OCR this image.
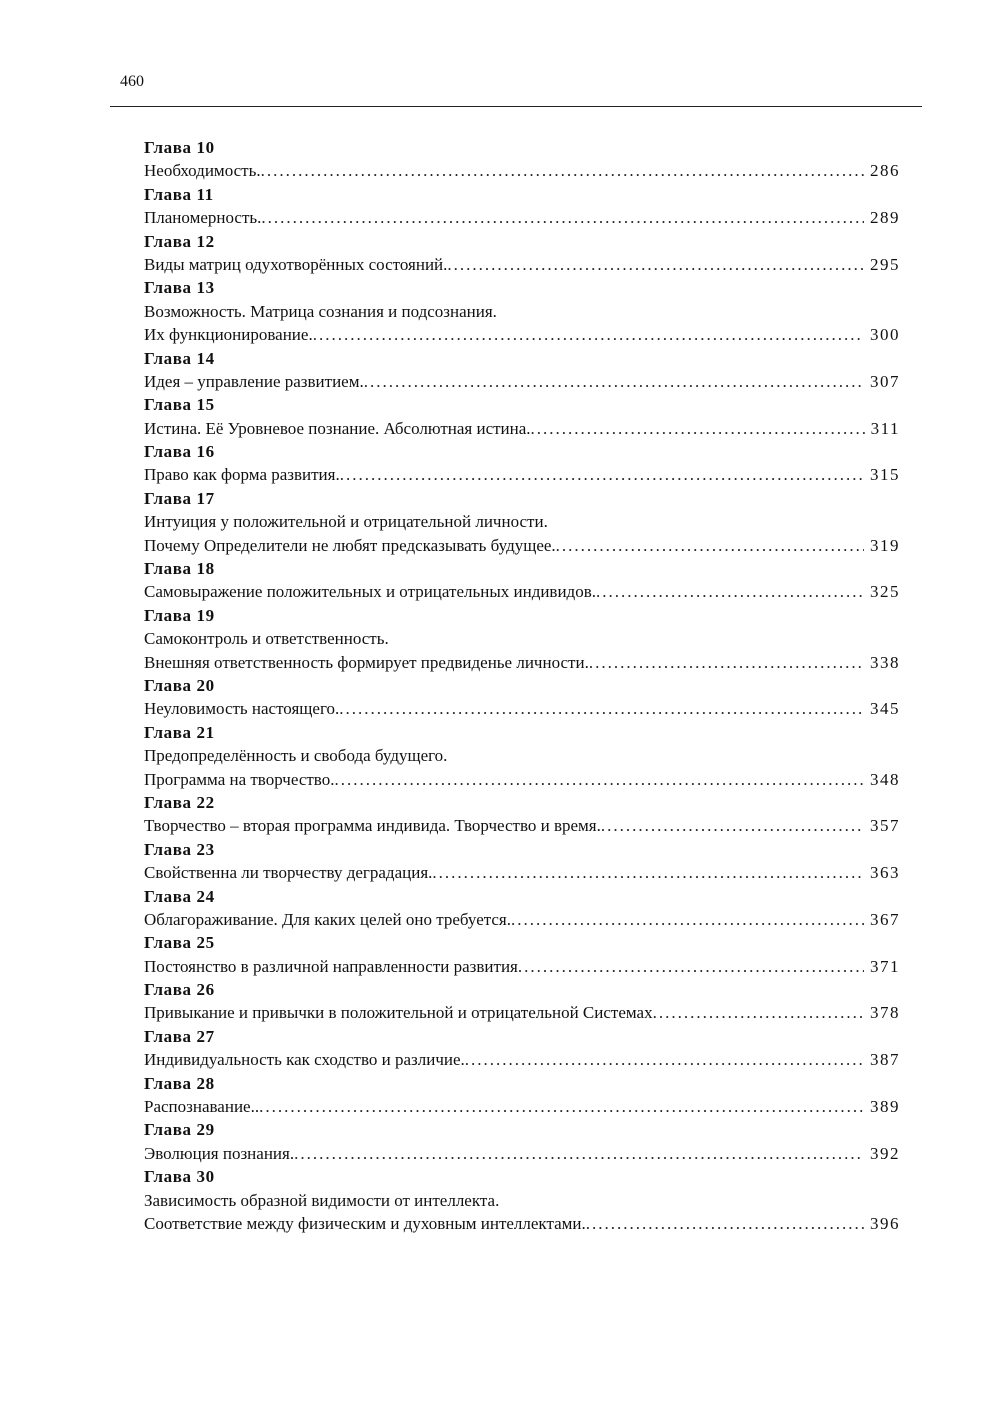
460
Глава 10
Необходимость. .....	286
Глава 11
Планомерность. .....	289
Глава 12
Виды матриц одухотворённых состояний. .....	295
Глава 13
Возможность. Матрица сознания и подсознания.
Их функционирование. .....	300
Глава 14
Идея – управление развитием. .....	307
Глава 15
Истина. Её Уровневое познание. Абсолютная истина. .....	311
Глава 16
Право как форма развития. .....	315
Глава 17
Интуиция у положительной и отрицательной личности.
Почему Определители не любят предсказывать будущее. .....	319
Глава 18
Самовыражение положительных и отрицательных индивидов. .....	325
Глава 19
Самоконтроль и ответственность.
Внешняя ответственность формирует предвиденье личности. .....	338
Глава 20
Неуловимость настоящего. .....	345
Глава 21
Предопределённость и свобода будущего.
Программа на творчество. .....	348
Глава 22
Творчество – вторая программа индивида. Творчество и время. .....	357
Глава 23
Свойственна ли творчеству деградация. .....	363
Глава 24
Облагораживание. Для каких целей оно требуется. .....	367
Глава 25
Постоянство в различной направленности развития .....	371
Глава 26
Привыкание и привычки в положительной и отрицательной Системах .....	378
Глава 27
Индивидуальность как сходство и различие. .....	387
Глава 28
Распознавание.. .....	389
Глава 29
Эволюция познания. .....	392
Глава 30
Зависимость образной видимости от интеллекта.
Соответствие между физическим и духовным интеллектами. .....	396
